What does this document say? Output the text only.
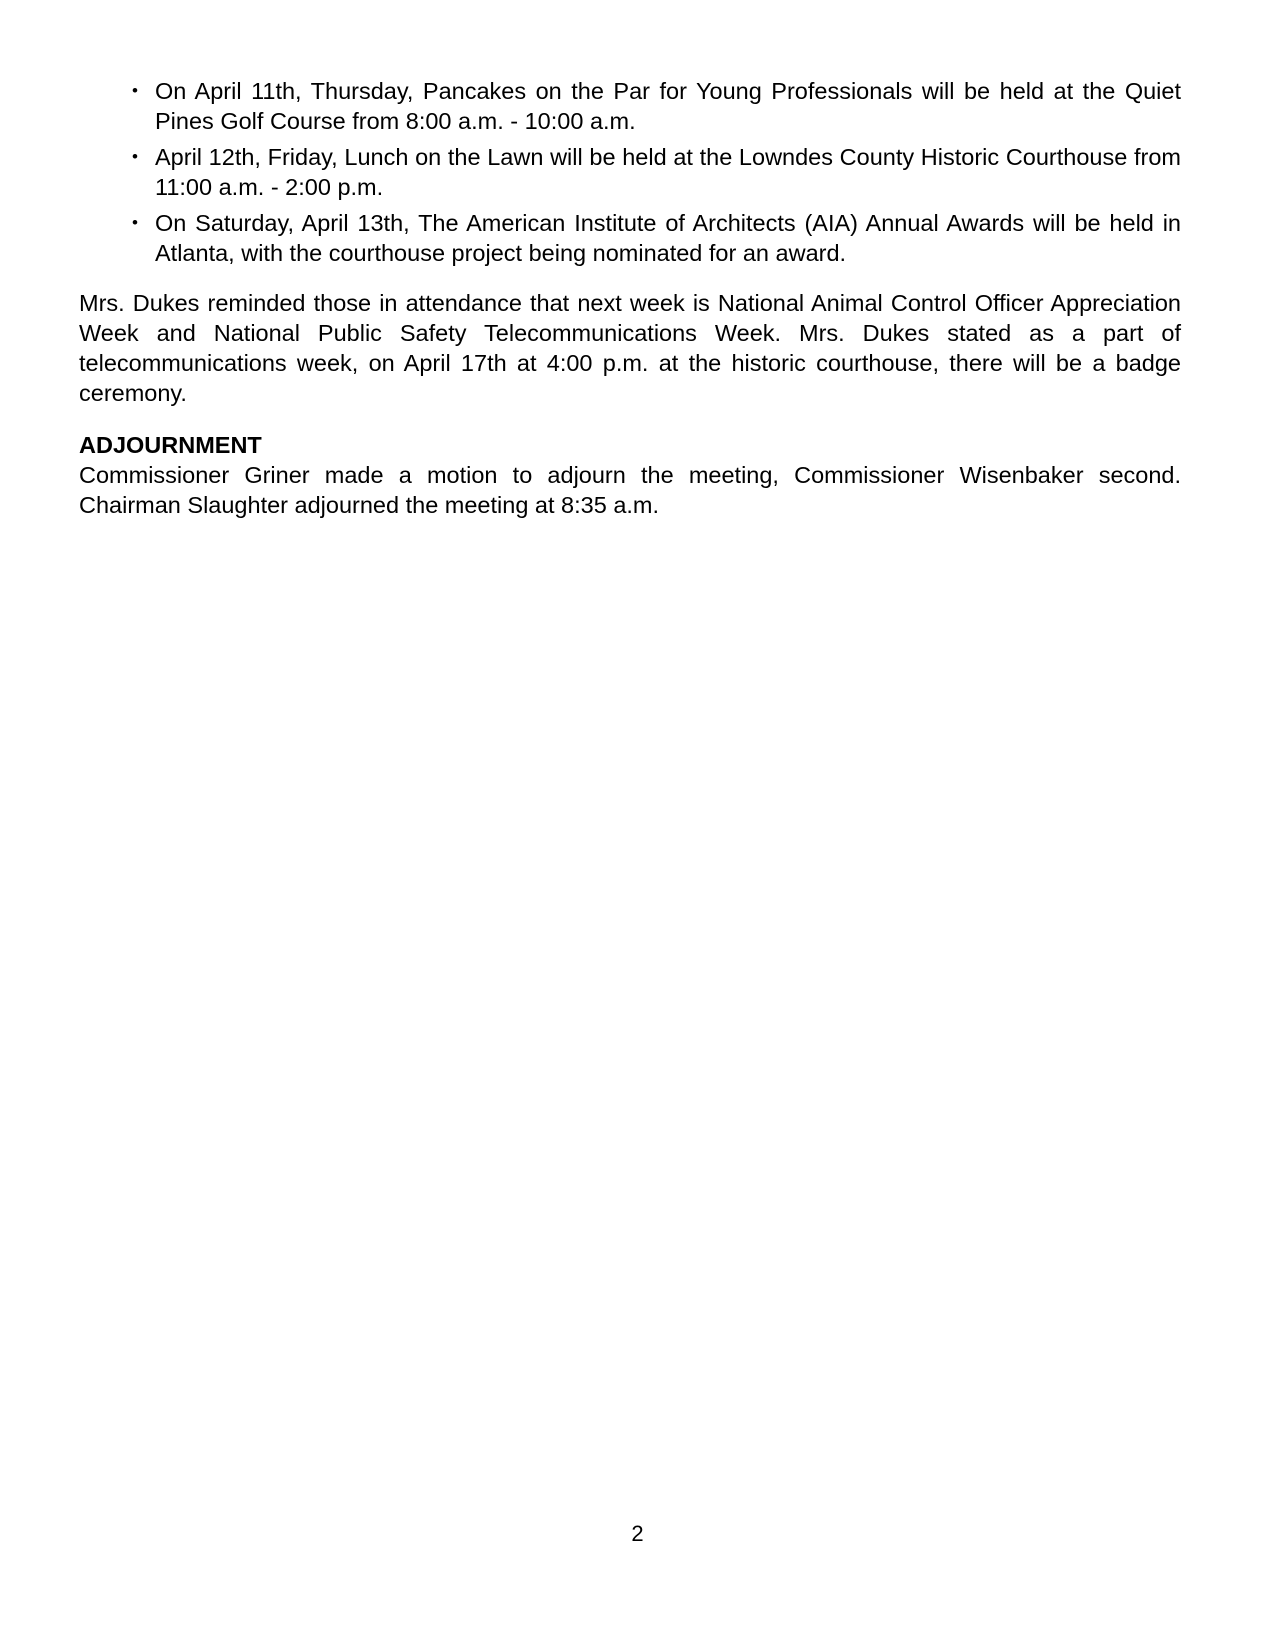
• On April 11th, Thursday, Pancakes on the Par for Young Professionals will be held at the Quiet Pines Golf Course from 8:00 a.m. - 10:00 a.m.
• April 12th, Friday, Lunch on the Lawn will be held at the Lowndes County Historic Courthouse from 11:00 a.m. - 2:00 p.m.
• On Saturday, April 13th, The American Institute of Architects (AIA) Annual Awards will be held in Atlanta, with the courthouse project being nominated for an award.

Mrs. Dukes reminded those in attendance that next week is National Animal Control Officer Appreciation Week and National Public Safety Telecommunications Week. Mrs. Dukes stated as a part of telecommunications week, on April 17th at 4:00 p.m. at the historic courthouse, there will be a badge ceremony.

ADJOURNMENT

Commissioner Griner made a motion to adjourn the meeting, Commissioner Wisenbaker second. Chairman Slaughter adjourned the meeting at 8:35 a.m.

2
